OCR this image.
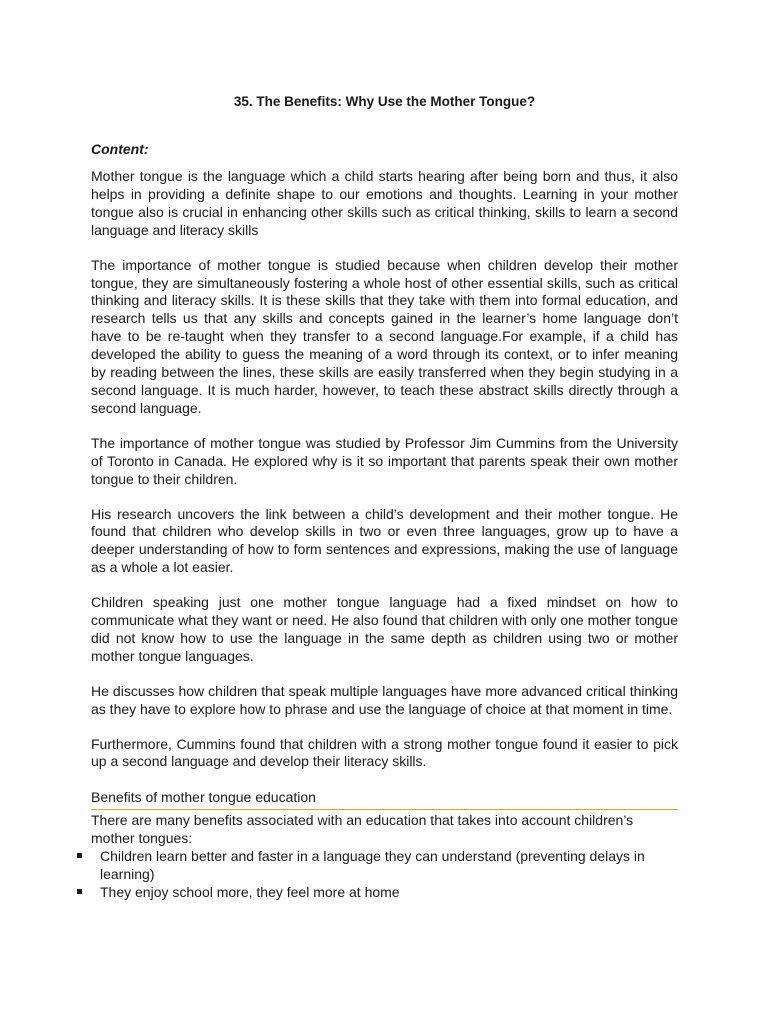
35. The Benefits: Why Use the Mother Tongue?
Content:

Mother tongue is the language which a child starts hearing after being born and thus, it also helps in providing a definite shape to our emotions and thoughts. Learning in your mother tongue also is crucial in enhancing other skills such as critical thinking, skills to learn a second language and literacy skills

The importance of mother tongue is studied because when children develop their mother tongue, they are simultaneously fostering a whole host of other essential skills, such as critical thinking and literacy skills. It is these skills that they take with them into formal education, and research tells us that any skills and concepts gained in the learner’s home language don’t have to be re-taught when they transfer to a second language.For example, if a child has developed the ability to guess the meaning of a word through its context, or to infer meaning by reading between the lines, these skills are easily transferred when they begin studying in a second language. It is much harder, however, to teach these abstract skills directly through a second language.

The importance of mother tongue was studied by Professor Jim Cummins from the University of Toronto in Canada. He explored why is it so important that parents speak their own mother tongue to their children.

His research uncovers the link between a child’s development and their mother tongue. He found that children who develop skills in two or even three languages, grow up to have a deeper understanding of how to form sentences and expressions, making the use of language as a whole a lot easier.

Children speaking just one mother tongue language had a fixed mindset on how to communicate what they want or need. He also found that children with only one mother tongue did not know how to use the language in the same depth as children using two or mother mother tongue languages.

He discusses how children that speak multiple languages have more advanced critical thinking as they have to explore how to phrase and use the language of choice at that moment in time.

Furthermore, Cummins found that children with a strong mother tongue found it easier to pick up a second language and develop their literacy skills.

Benefits of mother tongue education
There are many benefits associated with an education that takes into account children’s mother tongues:
Children learn better and faster in a language they can understand (preventing delays in learning)
They enjoy school more, they feel more at home
